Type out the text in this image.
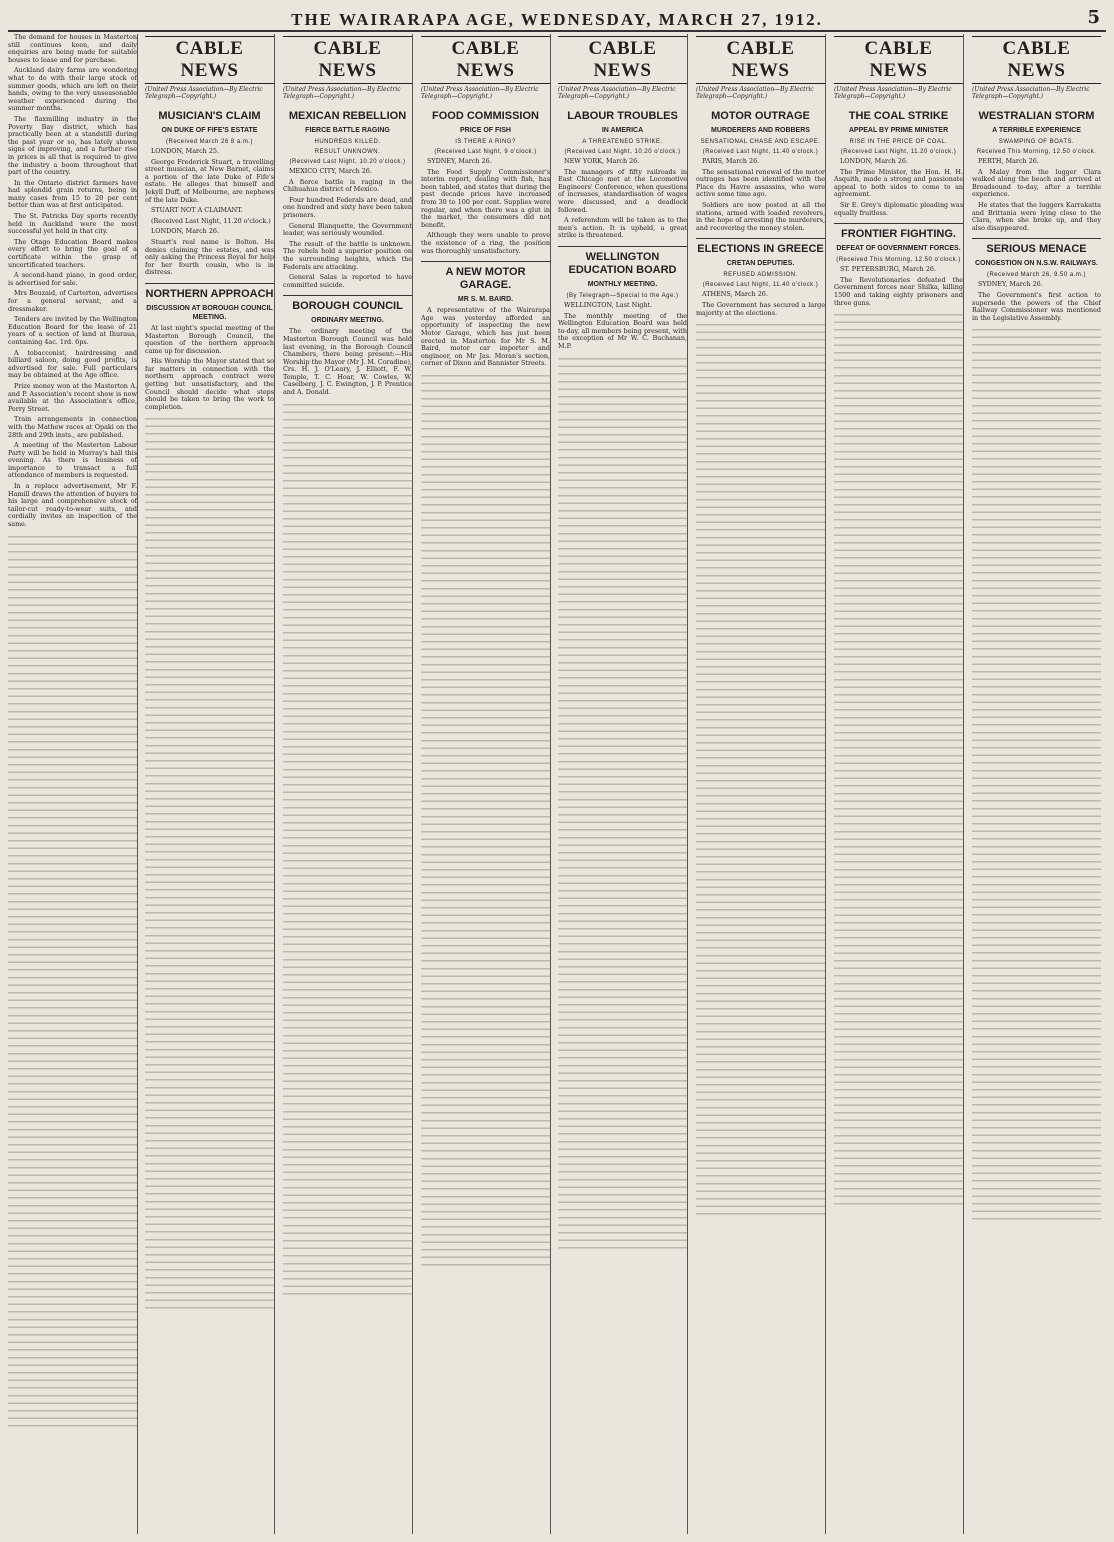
THE WAIRARAPA AGE, WEDNESDAY, MARCH 27, 1912.	5

The demand for houses in Masterton still continues keen, and daily enquiries are being made for suitable houses to lease and for purchase.

Auckland dairy farms are wondering what to do with their large stock of summer goods, which are left on their hands, owing to the very unseasonable weather experienced during the summer months.

The flaxmilling industry in the Poverty Bay district, which has practically been at a standstill during the past year or so, has lately shown signs of improving, and a further rise in prices is all that is required to give the industry a boom throughout that part of the country.

In the Ontario district farmers have had splendid grain returns, being in many cases from 15 to 20 per cent better than was at first anticipated.

The St. Patricks Day sports recently held in Auckland were the most successful yet held in that city.

The Otago Education Board makes every effort to bring the goal of a certificate within the grasp of uncertificated teachers.

A second-hand piano, in good order, is advertised for sale.

Mrs Bouzaid, of Carterton, advertises for a general servant, and a dressmaker.

Tenders are invited by the Wellington Education Board for the lease of 21 years of a section of land at Ihuraua, containing 4ac. 1rd. 6ps.

A tobacconist, hairdressing and billiard saloon, doing good profits, is advertised for sale. Full particulars may be obtained at the Age office.

Prize money won at the Masterton A. and P. Association's recent show is now available at the Association's office, Perry Street.

Train arrangements in connection with the Mathew races at Opaki on the 28th and 29th insts., are published.

A meeting of the Masterton Labour Party will be held in Murray's hall this evening. As there is business of importance to transact a full attendance of members is requested.

In a replace advertisement, Mr F. Hamill draws the attention of buyers to his large and comprehensive stock of tailor-cut ready-to-wear suits, and cordially invites an inspection of the same.

CABLE NEWS
(United Press Association—By Electric Telegraph—Copyright.)
MUSICIAN'S CLAIM
ON DUKE OF FIFE'S ESTATE
(Received March 26 8 a.m.)

LONDON, March 25.

George Frederick Stuart, a travelling street musician, at New Barnet, claims a portion of the late Duke of Fife's estate. He alleges that himself and Jekyll Duff, of Melbourne, are nephews of the late Duke.

STUART NOT A CLAIMANT.

(Received Last Night, 11.20 o'clock.)

LONDON, March 26.

Stuart's real name is Bolton. He denies claiming the estates, and was only asking the Princess Royal for help for her fourth cousin, who is in distress.

NORTHERN APPROACH
DISCUSSION AT BOROUGH COUNCIL MEETING.

At last night's special meeting of the Masterton Borough Council, the question of the northern approach came up for discussion.

His Worship the Mayor stated that so far matters in connection with the northern approach contract were getting but unsatisfactory, and the Council should decide what steps should be taken to bring the work to completion.

CABLE NEWS
(United Press Association—By Electric Telegraph—Copyright.)
MEXICAN REBELLION
FIERCE BATTLE RAGING
HUNDREDS KILLED.
RESULT UNKNOWN.
(Received Last Night, 10.20 o'clock.)

MEXICO CITY, March 26.

A fierce battle is raging in the Chihuahua district of Mexico.

Four hundred Federals are dead, and one hundred and sixty have been taken prisoners.

General Blanquette, the Government leader, was seriously wounded.

The result of the battle is unknown. The rebels hold a superior position on the surrounding heights, which the Federals are attacking.

General Salas is reported to have committed suicide.

BOROUGH COUNCIL
ORDINARY MEETING.

The ordinary meeting of the Masterton Borough Council was held last evening, in the Borough Council Chambers, there being present:—His Worship the Mayor (Mr J. M. Coradine), Crs. H. J. O'Leary, J. Elliott, F. W. Temple, T. C. Hoar, W. Cowles, W. Caselberg, J. C. Ewington, J. P. Prentice and A. Donald.

CABLE NEWS
(United Press Association—By Electric Telegraph—Copyright.)
FOOD COMMISSION
PRICE OF FISH
IS THERE A RING?
(Received Last Night, 9 o'clock.)

SYDNEY, March 26.

The Food Supply Commissioner's interim report, dealing with fish, has been tabled, and states that during the past decade prices have increased from 30 to 100 per cent. Supplies were regular, and when there was a glut in the market, the consumers did not benefit.

Although they were unable to prove the existence of a ring, the position was thoroughly unsatisfactory.

A NEW MOTOR GARAGE.
MR S. M. BAIRD.

A representative of the Wairarapa Age was yesterday afforded an opportunity of inspecting the new Motor Garage, which has just been erected in Masterton for Mr S. M. Baird, motor car importer and engineer, on Mr Jas. Moran's section, corner of Dixon and Bannister Streets.

CABLE NEWS
(United Press Association—By Electric Telegraph—Copyright.)
LABOUR TROUBLES
IN AMERICA
A THREATENED STRIKE.
(Received Last Night, 10.20 o'clock.)

NEW YORK, March 26.

The managers of fifty railroads in East Chicago met at the Locomotive Engineers' Conference, when questions of increases, standardisation of wages were discussed, and a deadlock followed.

A referendum will be taken as to the men's action. It is upheld, a great strike is threatened.

WELLINGTON EDUCATION BOARD
MONTHLY MEETING.
(By Telegraph—Special to the Age.)

WELLINGTON, Last Night.

The monthly meeting of the Wellington Education Board was held to-day, all members being present, with the exception of Mr W. C. Buchanan, M.P.

CABLE NEWS
(United Press Association—By Electric Telegraph—Copyright.)
MOTOR OUTRAGE
MURDERERS AND ROBBERS
SENSATIONAL CHASE AND ESCAPE.
(Received Last Night, 11.40 o'clock.)

PARIS, March 26.

The sensational renewal of the motor outrages has been identified with the Place du Havre assassins, who were active some time ago.

Soldiers are now posted at all the stations, armed with loaded revolvers, in the hope of arresting the murderers, and recovering the money stolen.

ELECTIONS IN GREECE
CRETAN DEPUTIES.
REFUSED ADMISSION.
(Received Last Night, 11.40 o'clock.)

ATHENS, March 26.

The Government has secured a large majority at the elections.

CABLE NEWS
(United Press Association—By Electric Telegraph—Copyright.)
THE COAL STRIKE
APPEAL BY PRIME MINISTER
RISE IN THE PRICE OF COAL.
(Received Last Night, 11.20 o'clock.)

LONDON, March 26.

The Prime Minister, the Hon. H. H. Asquith, made a strong and passionate appeal to both sides to come to an agreement.

Sir E. Grey's diplomatic pleading was equally fruitless.

FRONTIER FIGHTING.
DEFEAT OF GOVERNMENT FORCES.
(Received This Morning, 12.50 o'clock.)

ST. PETERSBURG, March 26.

The Revolutionaries defeated the Government forces near Shilka, killing 1500 and taking eighty prisoners and three guns.

CABLE NEWS
(United Press Association—By Electric Telegraph—Copyright.)
WESTRALIAN STORM
A TERRIBLE EXPERIENCE
SWAMPING OF BOATS.
Received This Morning, 12.50 o'clock.

PERTH, March 26.

A Malay from the lugger Clara walked along the beach and arrived at Broadsound to-day, after a terrible experience.

He states that the luggers Karrakatta and Brittania were lying close to the Clara, when she broke up, and they also disappeared.

SERIOUS MENACE
CONGESTION ON N.S.W. RAILWAYS.
(Received March 26, 9.50 a.m.)

SYDNEY, March 26.

The Government's first action to supersede the powers of the Chief Railway Commissioner was mentioned in the Legislative Assembly.
